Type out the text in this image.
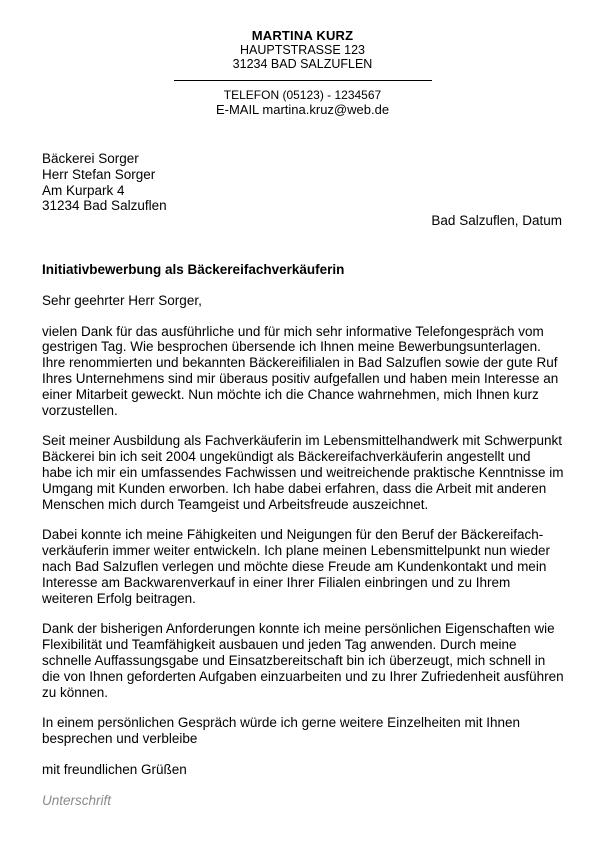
MARTINA KURZ
HAUPTSTRASSE 123
31234 BAD SALZUFLEN
TELEFON (05123) - 1234567
E-MAIL martina.kruz@web.de
Bäckerei Sorger
Herr Stefan Sorger
Am Kurpark 4
31234 Bad Salzuflen
Bad Salzuflen, Datum

Initiativbewerbung als Bäckereifachverkäuferin

Sehr geehrter Herr Sorger,

vielen Dank für das ausführliche und für mich sehr informative Telefongespräch vom gestrigen Tag. Wie besprochen übersende ich Ihnen meine Bewerbungsunterlagen. Ihre renommierten und bekannten Bäckereifilialen in Bad Salzuflen sowie der gute Ruf Ihres Unternehmens sind mir überaus positiv aufgefallen und haben mein Interesse an einer Mitarbeit geweckt. Nun möchte ich die Chance wahrnehmen, mich Ihnen kurz vorzustellen.

Seit meiner Ausbildung als Fachverkäuferin im Lebensmittelhandwerk mit Schwerpunkt Bäckerei bin ich seit 2004 ungekündigt als Bäckereifachverkäuferin angestellt und habe ich mir ein umfassendes Fachwissen und weitreichende praktische Kenntnisse im Umgang mit Kunden erworben. Ich habe dabei erfahren, dass die Arbeit mit anderen Menschen mich durch Teamgeist und Arbeitsfreude auszeichnet.

Dabei konnte ich meine Fähigkeiten und Neigungen für den Beruf der Bäckereifach-verkäuferin immer weiter entwickeln. Ich plane meinen Lebensmittelpunkt nun wieder nach Bad Salzuflen verlegen und möchte diese Freude am Kundenkontakt und mein Interesse am Backwarenverkauf in einer Ihrer Filialen einbringen und zu Ihrem weiteren Erfolg beitragen.

Dank der bisherigen Anforderungen konnte ich meine persönlichen Eigenschaften wie Flexibilität und Teamfähigkeit ausbauen und jeden Tag anwenden. Durch meine schnelle Auffassungsgabe und Einsatzbereitschaft bin ich überzeugt, mich schnell in die von Ihnen geforderten Aufgaben einzuarbeiten und zu Ihrer Zufriedenheit ausführen zu können.

In einem persönlichen Gespräch würde ich gerne weitere Einzelheiten mit Ihnen besprechen und verbleibe

mit freundlichen Grüßen

Unterschrift
